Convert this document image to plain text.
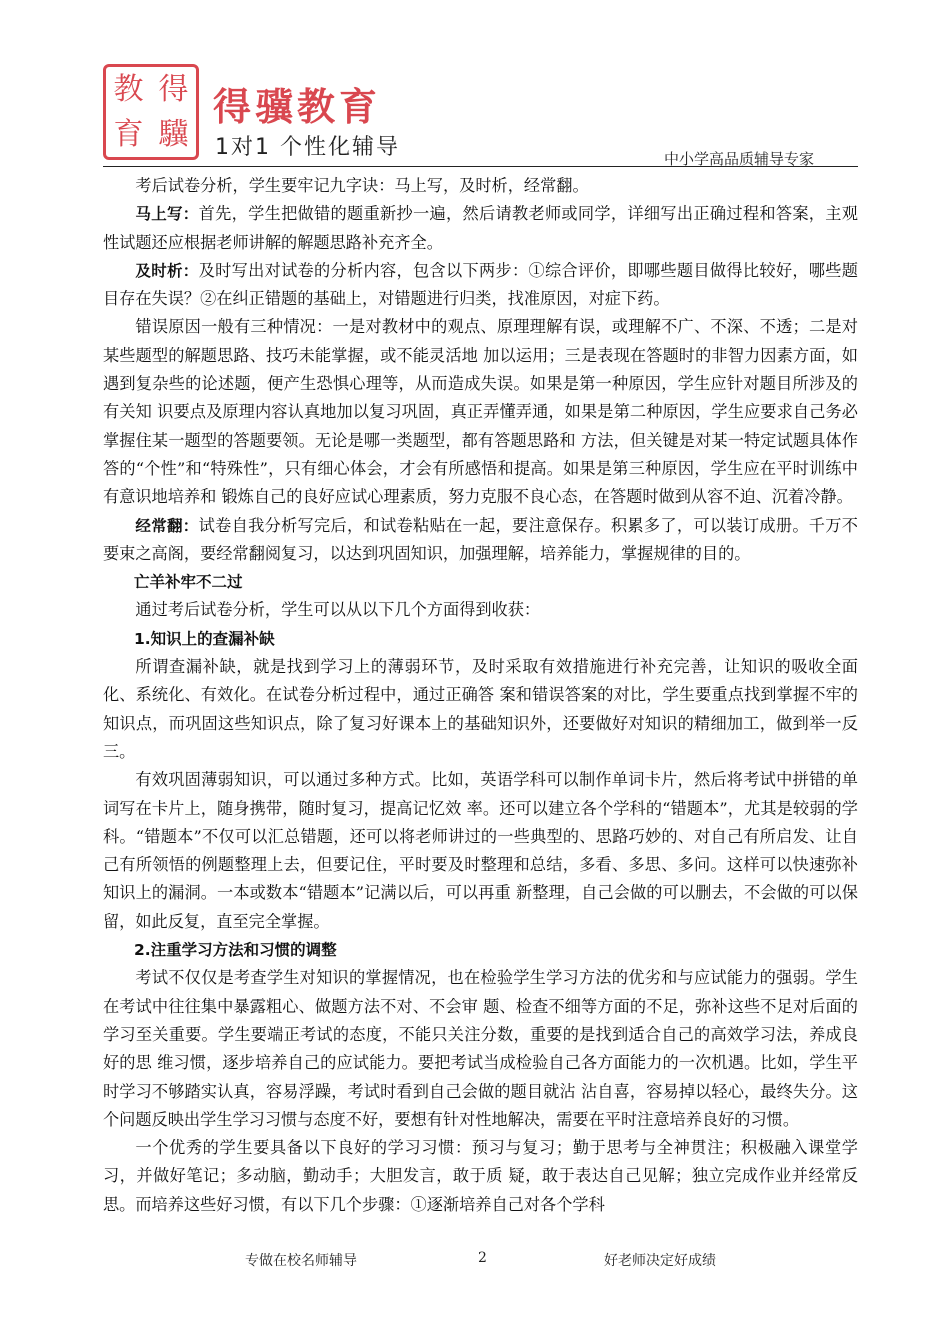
教 得
育 驥
得骥教育
1对1 个性化辅导	中小学高品质辅导专家

考后试卷分析，学生要牢记九字诀：马上写，及时析，经常翻。

马上写：首先，学生把做错的题重新抄一遍，然后请教老师或同学，详细写出正确过程和答案，主观性试题还应根据老师讲解的解题思路补充齐全。

及时析：及时写出对试卷的分析内容，包含以下两步：①综合评价，即哪些题目做得比较好，哪些题目存在失误？②在纠正错题的基础上，对错题进行归类，找准原因，对症下药。

错误原因一般有三种情况：一是对教材中的观点、原理理解有误，或理解不广、不深、不透；二是对某些题型的解题思路、技巧未能掌握，或不能灵活地 加以运用；三是表现在答题时的非智力因素方面，如遇到复杂些的论述题，便产生恐惧心理等，从而造成失误。如果是第一种原因，学生应针对题目所涉及的有关知 识要点及原理内容认真地加以复习巩固，真正弄懂弄通，如果是第二种原因，学生应要求自己务必掌握住某一题型的答题要领。无论是哪一类题型，都有答题思路和 方法，但关键是对某一特定试题具体作答的“个性”和“特殊性”，只有细心体会，才会有所感悟和提高。如果是第三种原因，学生应在平时训练中有意识地培养和 锻炼自己的良好应试心理素质，努力克服不良心态，在答题时做到从容不迫、沉着冷静。

经常翻：试卷自我分析写完后，和试卷粘贴在一起，要注意保存。积累多了，可以装订成册。千万不要束之高阁，要经常翻阅复习，以达到巩固知识，加强理解，培养能力，掌握规律的目的。

亡羊补牢不二过

通过考后试卷分析，学生可以从以下几个方面得到收获：

1.知识上的查漏补缺

所谓查漏补缺，就是找到学习上的薄弱环节，及时采取有效措施进行补充完善，让知识的吸收全面化、系统化、有效化。在试卷分析过程中，通过正确答 案和错误答案的对比，学生要重点找到掌握不牢的知识点，而巩固这些知识点，除了复习好课本上的基础知识外，还要做好对知识的精细加工，做到举一反三。

有效巩固薄弱知识，可以通过多种方式。比如，英语学科可以制作单词卡片，然后将考试中拼错的单词写在卡片上，随身携带，随时复习，提高记忆效 率。还可以建立各个学科的“错题本”，尤其是较弱的学科。“错题本”不仅可以汇总错题，还可以将老师讲过的一些典型的、思路巧妙的、对自己有所启发、让自 己有所领悟的例题整理上去，但要记住，平时要及时整理和总结，多看、多思、多问。这样可以快速弥补知识上的漏洞。一本或数本“错题本”记满以后，可以再重 新整理，自己会做的可以删去，不会做的可以保留，如此反复，直至完全掌握。

2.注重学习方法和习惯的调整

考试不仅仅是考查学生对知识的掌握情况，也在检验学生学习方法的优劣和与应试能力的强弱。学生在考试中往往集中暴露粗心、做题方法不对、不会审 题、检查不细等方面的不足，弥补这些不足对后面的学习至关重要。学生要端正考试的态度，不能只关注分数，重要的是找到适合自己的高效学习法，养成良好的思 维习惯，逐步培养自己的应试能力。要把考试当成检验自己各方面能力的一次机遇。比如，学生平时学习不够踏实认真，容易浮躁，考试时看到自己会做的题目就沾 沾自喜，容易掉以轻心，最终失分。这个问题反映出学生学习习惯与态度不好，要想有针对性地解决，需要在平时注意培养良好的习惯。

一个优秀的学生要具备以下良好的学习习惯：预习与复习；勤于思考与全神贯注；积极融入课堂学习，并做好笔记；多动脑，勤动手；大胆发言，敢于质 疑，敢于表达自己见解；独立完成作业并经常反思。而培养这些好习惯，有以下几个步骤：①逐渐培养自己对各个学科

专做在校名师辅导	2	好老师决定好成绩
